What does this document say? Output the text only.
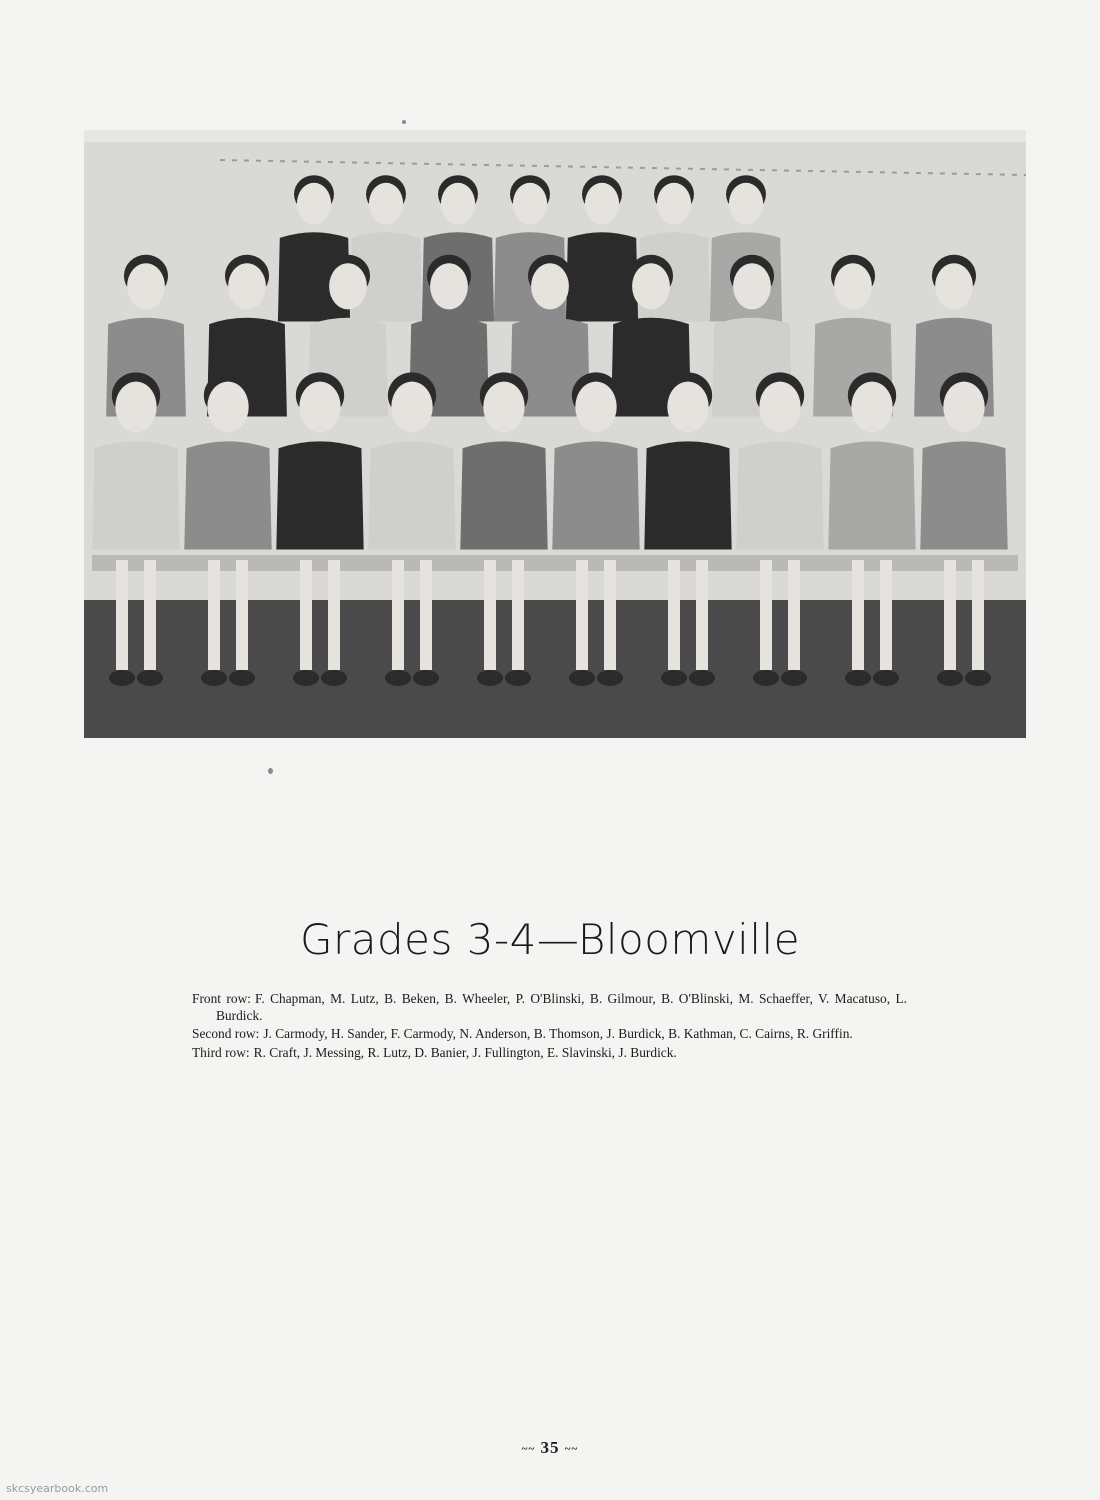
Grades 3-4—Bloomville

Front row: F. Chapman, M. Lutz, B. Beken, B. Wheeler, P. O'Blinski, B. Gilmour, B. O'Blinski, M. Schaeffer, V. Macatuso, L. Burdick.

Second row: J. Carmody, H. Sander, F. Carmody, N. Anderson, B. Thomson, J. Burdick, B. Kathman, C. Cairns, R. Griffin.

Third row: R. Craft, J. Messing, R. Lutz, D. Banier, J. Fullington, E. Slavinski, J. Burdick.

~~ 35 ~~
skcsyearbook.com
